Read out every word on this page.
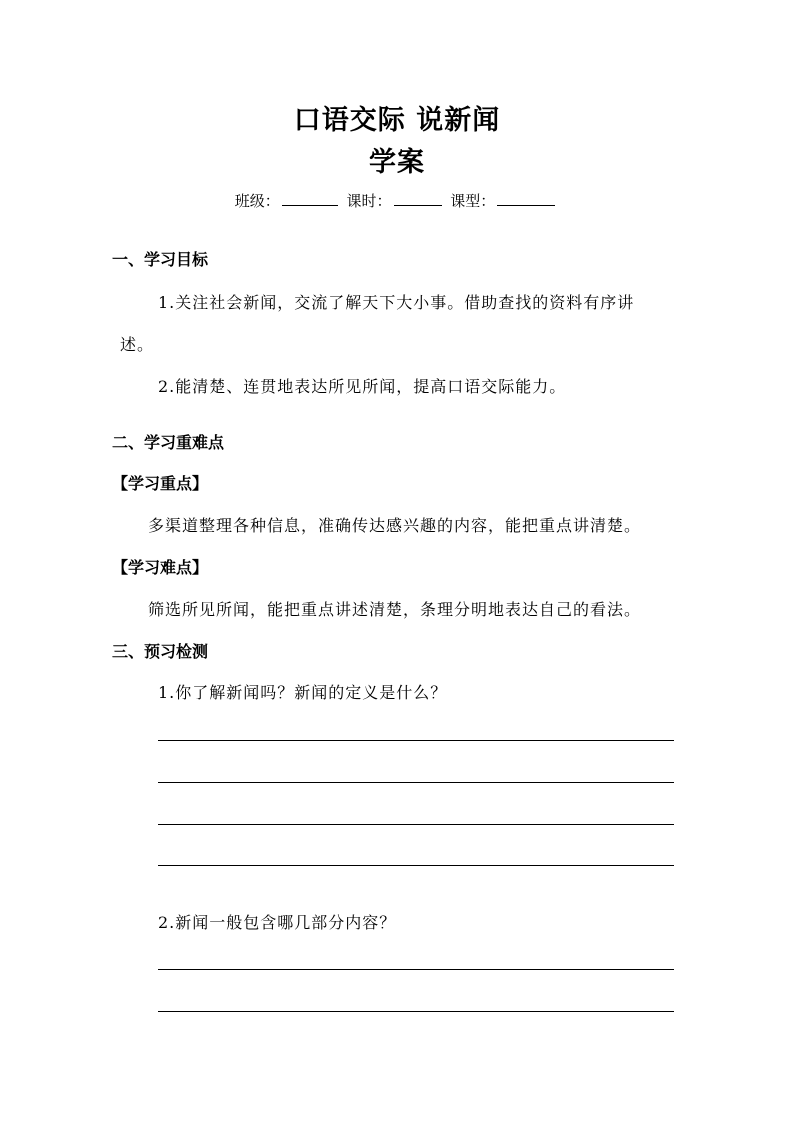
口语交际 说新闻
学案
班级：	课时：	课型：
一、学习目标
1.关注社会新闻，交流了解天下大小事。借助查找的资料有序讲
述。
2.能清楚、连贯地表达所见所闻，提高口语交际能力。
二、学习重难点
【学习重点】
多渠道整理各种信息，准确传达感兴趣的内容，能把重点讲清楚。
【学习难点】
筛选所见所闻，能把重点讲述清楚，条理分明地表达自己的看法。
三、预习检测
1.你了解新闻吗？新闻的定义是什么？
2.新闻一般包含哪几部分内容？
